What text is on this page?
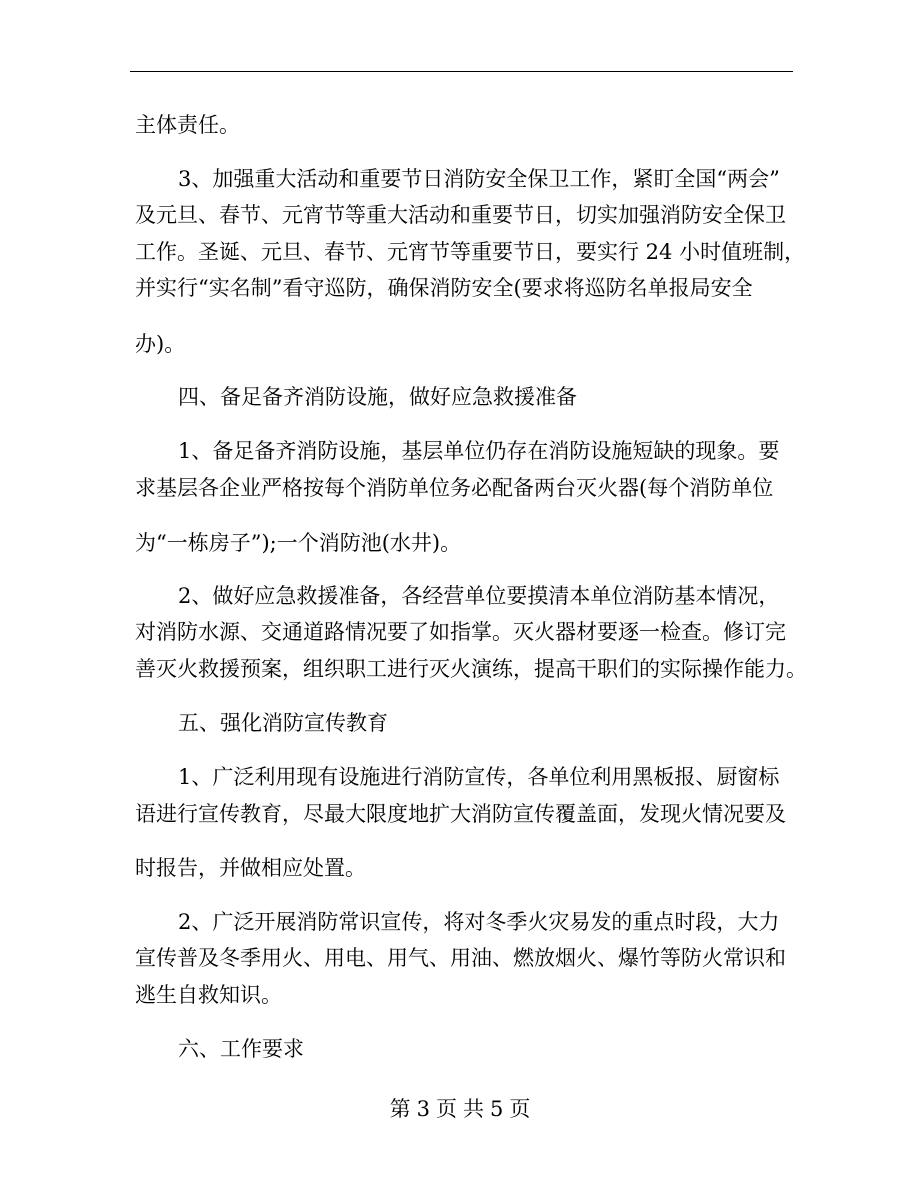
主体责任。
3、加强重大活动和重要节日消防安全保卫工作，紧盯全国“两会”
及元旦、春节、元宵节等重大活动和重要节日，切实加强消防安全保卫
工作。圣诞、元旦、春节、元宵节等重要节日，要实行 24 小时值班制，
并实行“实名制”看守巡防，确保消防安全(要求将巡防名单报局安全
办)。
四、备足备齐消防设施，做好应急救援准备
1、备足备齐消防设施，基层单位仍存在消防设施短缺的现象。要
求基层各企业严格按每个消防单位务必配备两台灭火器(每个消防单位
为“一栋房子”);一个消防池(水井)。
2、做好应急救援准备，各经营单位要摸清本单位消防基本情况，
对消防水源、交通道路情况要了如指掌。灭火器材要逐一检查。修订完
善灭火救援预案，组织职工进行灭火演练，提高干职们的实际操作能力。
五、强化消防宣传教育
1、广泛利用现有设施进行消防宣传，各单位利用黑板报、厨窗标
语进行宣传教育，尽最大限度地扩大消防宣传覆盖面，发现火情况要及
时报告，并做相应处置。
2、广泛开展消防常识宣传，将对冬季火灾易发的重点时段，大力
宣传普及冬季用火、用电、用气、用油、燃放烟火、爆竹等防火常识和
逃生自救知识。
六、工作要求
第 3 页 共 5 页
